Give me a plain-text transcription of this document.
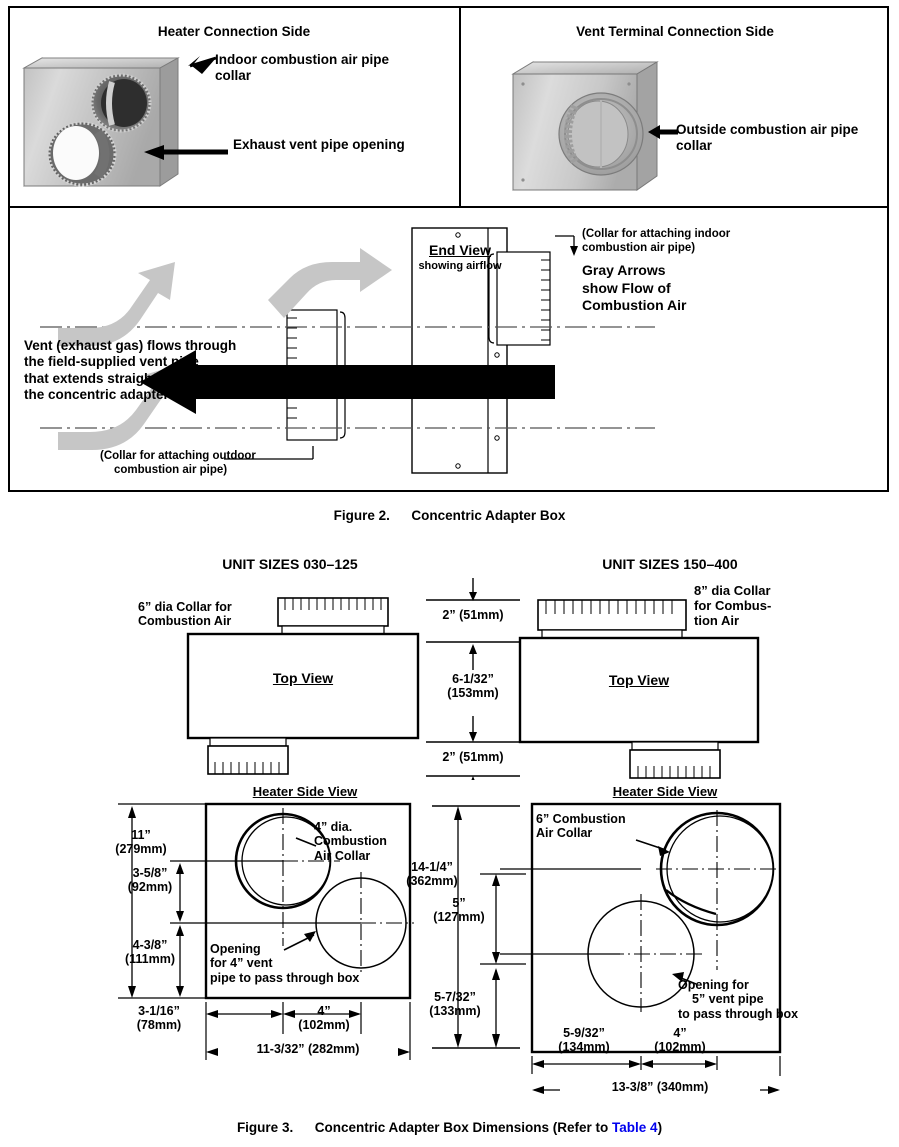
Heater Connection Side
Indoor combustion air pipe collar
Exhaust vent pipe opening
Vent Terminal Connection Side
Outside combustion air pipe collar
End View
showing airflow
(Collar for attaching indoor
combustion air pipe)
Gray Arrows
show Flow of
Combustion Air
Vent (exhaust gas) flows through
the field-supplied vent pipe
that extends straight through
the concentric adapter box.
(Collar for attaching outdoor
combustion air pipe)
Figure 2. Concentric Adapter Box
UNIT SIZES 030–125	UNIT SIZES 150–400
Top View
6” dia Collar for
Combustion Air
Top View
8” dia Collar
for Combus-
tion Air
2” (51mm)
6-1/32”
(153mm)
2” (51mm)
Heater Side View
11”
(279mm)
3-5/8”
(92mm)
4-3/8”
(111mm)
4” dia.
Combustion
Air Collar
Opening
for 4” vent
pipe to pass through box
3-1/16”
(78mm)
4”
(102mm)
11-3/32” (282mm)
14-1/4”
(362mm)
5”
(127mm)
5-7/32”
(133mm)
Heater Side View
6” Combustion
Air Collar
Opening for
5” vent pipe
to pass through box
5-9/32”
(134mm)
4”
(102mm)
13-3/8” (340mm)
Figure 3. Concentric Adapter Box Dimensions (Refer to Table 4)
